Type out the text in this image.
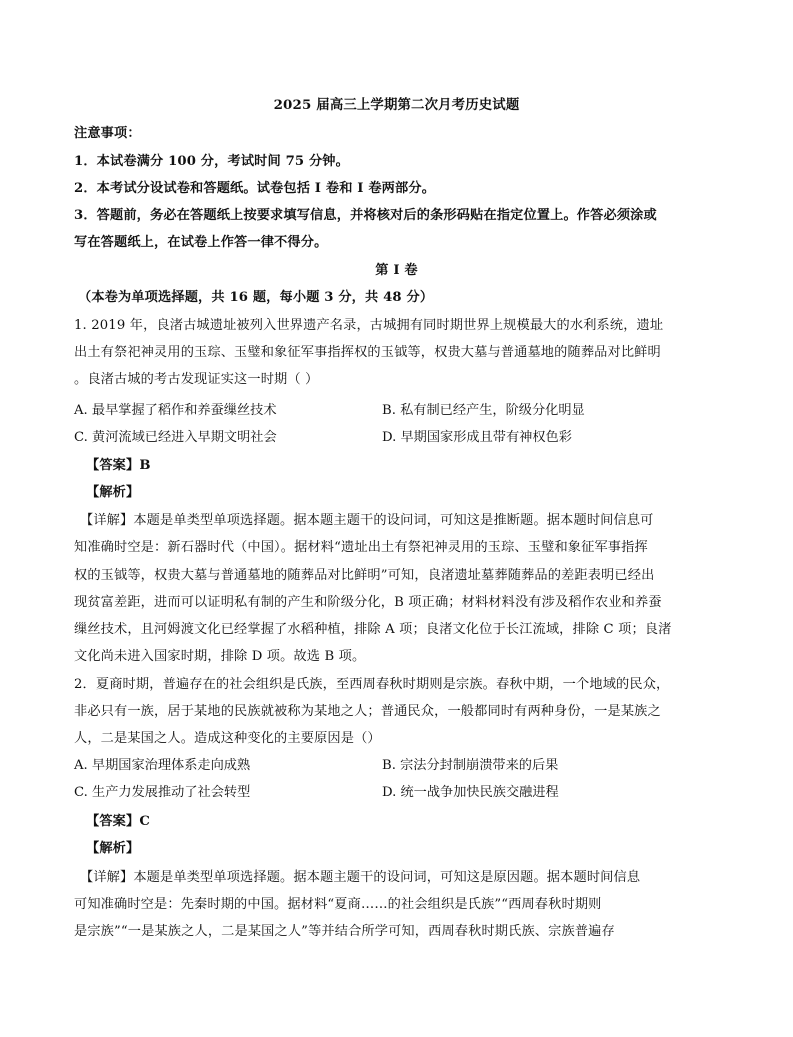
2025 届高三上学期第二次月考历史试题
注意事项：
1．本试卷满分 100 分，考试时间 75 分钟。
2．本考试分设试卷和答题纸。试卷包括 I 卷和 I 卷两部分。
3．答题前，务必在答题纸上按要求填写信息，并将核对后的条形码贴在指定位置上。作答必须涂或
写在答题纸上，在试卷上作答一律不得分。
第 I 卷
（本卷为单项选择题，共 16 题，每小题 3 分，共 48 分）
1. 2019 年，良渚古城遗址被列入世界遗产名录，古城拥有同时期世界上规模最大的水利系统，遗址
出土有祭祀神灵用的玉琮、玉璧和象征军事指挥权的玉钺等，权贵大墓与普通墓地的随葬品对比鲜明
。良渚古城的考古发现证实这一时期（ ）
A. 最早掌握了稻作和养蚕缫丝技术	B. 私有制已经产生，阶级分化明显
C. 黄河流域已经进入早期文明社会	D. 早期国家形成且带有神权色彩
【答案】B
【解析】
【详解】本题是单类型单项选择题。据本题主题干的设问词，可知这是推断题。据本题时间信息可
知准确时空是：新石器时代（中国）。据材料“遗址出土有祭祀神灵用的玉琮、玉璧和象征军事指挥
权的玉钺等，权贵大墓与普通墓地的随葬品对比鲜明”可知，良渚遗址墓葬随葬品的差距表明已经出
现贫富差距，进而可以证明私有制的产生和阶级分化，B 项正确；材料材料没有涉及稻作农业和养蚕
缫丝技术，且河姆渡文化已经掌握了水稻种植，排除 A 项；良渚文化位于长江流域，排除 C 项；良渚
文化尚未进入国家时期，排除 D 项。故选 B 项。
2．夏商时期，普遍存在的社会组织是氏族，至西周春秋时期则是宗族。春秋中期，一个地域的民众，
非必只有一族，居于某地的民族就被称为某地之人；普通民众，一般都同时有两种身份，一是某族之
人，二是某国之人。造成这种变化的主要原因是（）
A. 早期国家治理体系走向成熟	B. 宗法分封制崩溃带来的后果
C. 生产力发展推动了社会转型	D. 统一战争加快民族交融进程
【答案】C
【解析】
【详解】本题是单类型单项选择题。据本题主题干的设问词，可知这是原因题。据本题时间信息
可知准确时空是：先秦时期的中国。据材料“夏商……的社会组织是氏族”“西周春秋时期则
是宗族”“一是某族之人，二是某国之人”等并结合所学可知，西周春秋时期氏族、宗族普遍存
